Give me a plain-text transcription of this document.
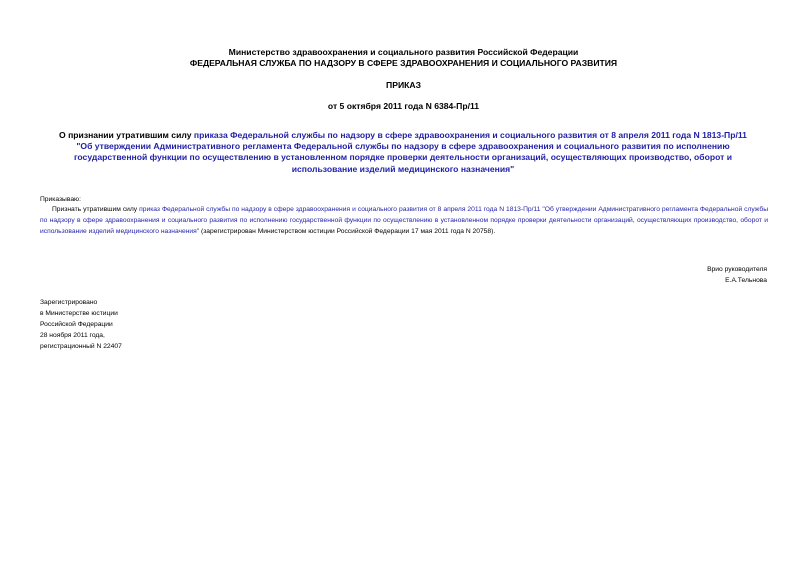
Министерство здравоохранения и социального развития Российской Федерации
ФЕДЕРАЛЬНАЯ СЛУЖБА ПО НАДЗОРУ В СФЕРЕ ЗДРАВООХРАНЕНИЯ И СОЦИАЛЬНОГО РАЗВИТИЯ
ПРИКАЗ
от 5 октября 2011 года N 6384-Пр/11
О признании утратившим силу приказа Федеральной службы по надзору в сфере здравоохранения и социального развития от 8 апреля 2011 года N 1813-Пр/11 "Об утверждении Административного регламента Федеральной службы по надзору в сфере здравоохранения и социального развития по исполнению государственной функции по осуществлению в установленном порядке проверки деятельности организаций, осуществляющих производство, оборот и использование изделий медицинского назначения"
Приказываю:
Признать утратившим силу приказ Федеральной службы по надзору в сфере здравоохранения и социального развития от 8 апреля 2011 года N 1813-Пр/11 "Об утверждении Административного регламента Федеральной службы по надзору в сфере здравоохранения и социального развития по исполнению государственной функции по осуществлению в установленном порядке проверки деятельности организаций, осуществляющих производство, оборот и использование изделий медицинского назначения" (зарегистрирован Министерством юстиции Российской Федерации 17 мая 2011 года N 20758).
Врио руководителя
Е.А.Тельнова
Зарегистрировано
в Министерстве юстиции
Российской Федерации
28 ноября 2011 года,
регистрационный N 22407
